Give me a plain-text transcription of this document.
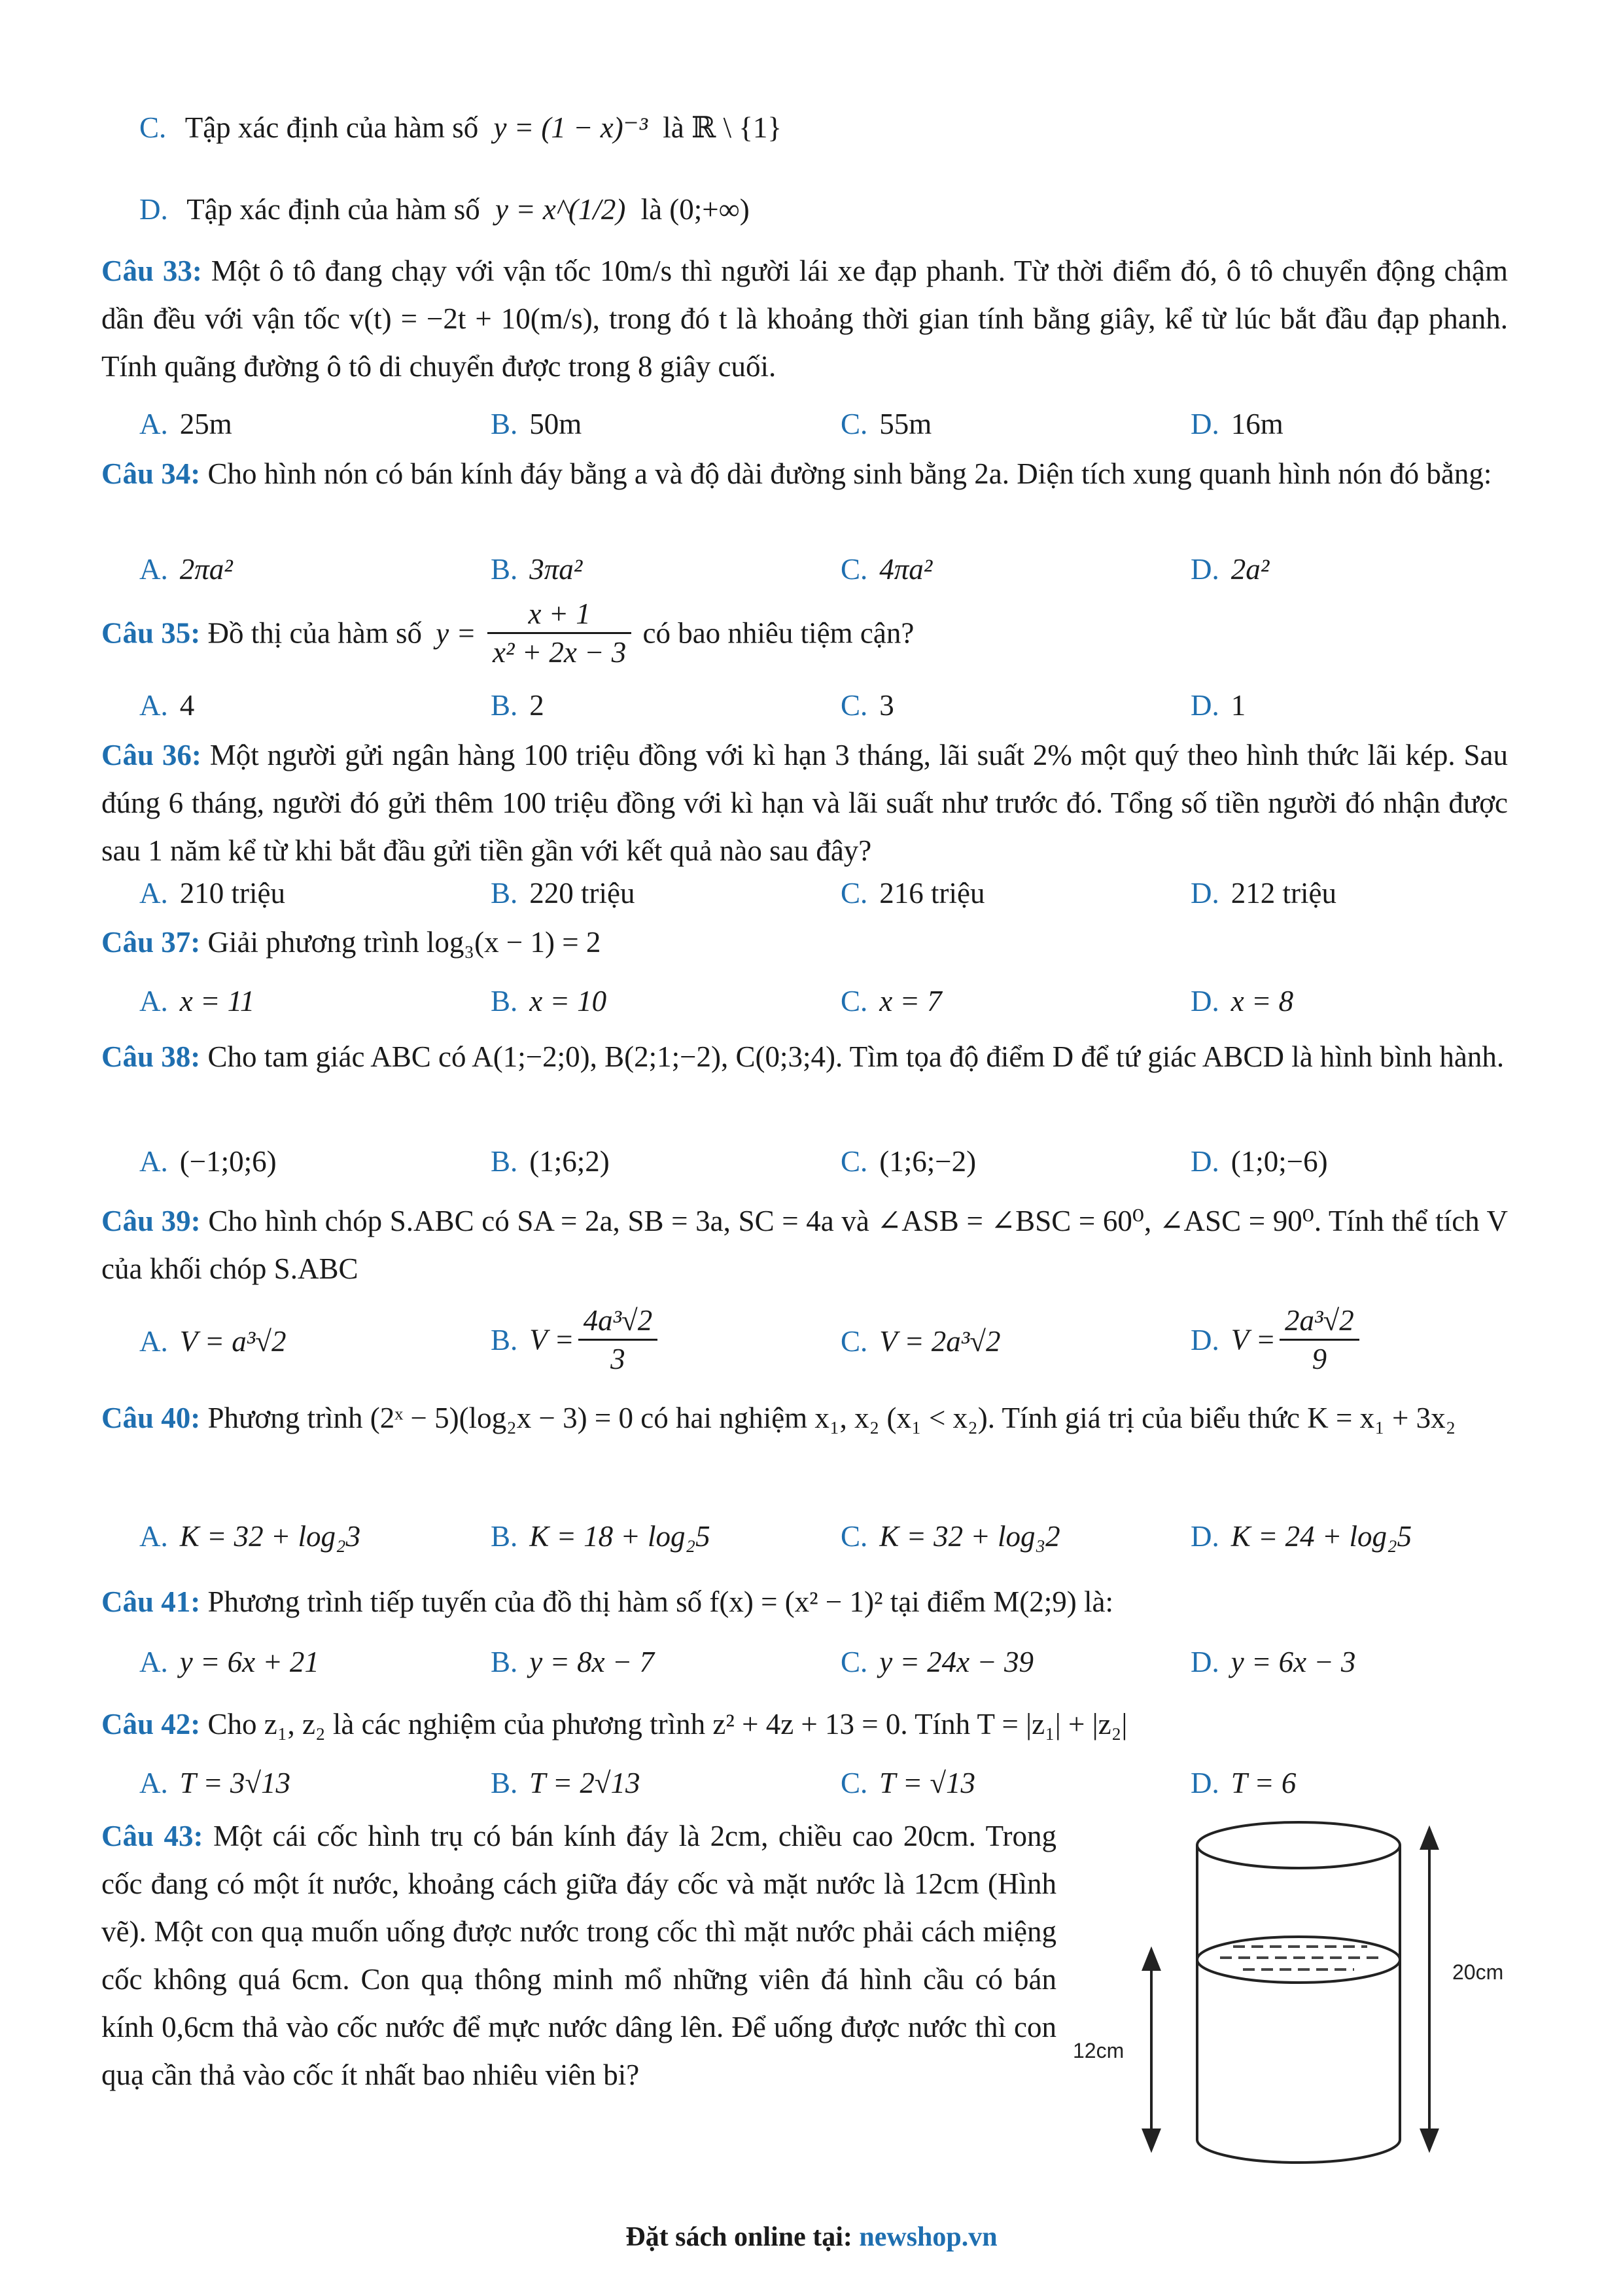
C. Tập xác định của hàm số y = (1 − x)⁻³ là ℝ \ {1}
D. Tập xác định của hàm số y = x^(1/2) là (0;+∞)
Câu 33: Một ô tô đang chạy với vận tốc 10m/s thì người lái xe đạp phanh. Từ thời điểm đó, ô tô chuyển động chậm dần đều với vận tốc v(t) = −2t + 10(m/s), trong đó t là khoảng thời gian tính bằng giây, kể từ lúc bắt đầu đạp phanh. Tính quãng đường ô tô di chuyển được trong 8 giây cuối.
A. 25m	B. 50m	C. 55m	D. 16m
Câu 34: Cho hình nón có bán kính đáy bằng a và độ dài đường sinh bằng 2a. Diện tích xung quanh hình nón đó bằng:
A. 2πa²	B. 3πa²	C. 4πa²	D. 2a²
Câu 35: Đồ thị của hàm số $y = \frac{x + 1}{\text{x² + 2x − 3}}$ có bao nhiêu tiệm cận?
A. 4	B. 2	C. 3	D. 1
Câu 36: Một người gửi ngân hàng 100 triệu đồng với kì hạn 3 tháng, lãi suất 2% một quý theo hình thức lãi kép. Sau đúng 6 tháng, người đó gửi thêm 100 triệu đồng với kì hạn và lãi suất như trước đó. Tổng số tiền người đó nhận được sau 1 năm kể từ khi bắt đầu gửi tiền gần với kết quả nào sau đây?
A. 210 triệu	B. 220 triệu	C. 216 triệu	D. 212 triệu
Câu 37: Giải phương trình log₃(x − 1) = 2
A. x = 11	B. x = 10	C. x = 7	D. x = 8
Câu 38: Cho tam giác ABC có A(1;−2;0), B(2;1;−2), C(0;3;4). Tìm tọa độ điểm D để tứ giác ABCD là hình bình hành.
A. (−1;0;6)	B. (1;6;2)	C. (1;6;−2)	D. (1;0;−6)
Câu 39: Cho hình chóp S.ABC có SA = 2a, SB = 3a, SC = 4a và ∠ASB = ∠BSC = 60⁰, ∠ASC = 90⁰. Tính thể tích V của khối chóp S.ABC
A. V = a³√2	B. $V = \frac{\text{4a³√2}}{3}$	C. V = 2a³√2	D. $V = \frac{\text{2a³√2}}{9}$
Câu 40: Phương trình (2ˣ − 5)(log₂x − 3) = 0 có hai nghiệm x₁, x₂ (x₁ < x₂). Tính giá trị của biểu thức K = x₁ + 3x₂
A. K = 32 + log₂3	B. K = 18 + log₂5	C. K = 32 + log₃2	D. K = 24 + log₂5
Câu 41: Phương trình tiếp tuyến của đồ thị hàm số f(x) = (x² − 1)² tại điểm M(2;9) là:
A. y = 6x + 21	B. y = 8x − 7	C. y = 24x − 39	D. y = 6x − 3
Câu 42: Cho z₁, z₂ là các nghiệm của phương trình z² + 4z + 13 = 0. Tính T = |z₁| + |z₂|
A. T = 3√13	B. T = 2√13	C. T = √13	D. T = 6
Câu 43: Một cái cốc hình trụ có bán kính đáy là 2cm, chiều cao 20cm. Trong cốc đang có một ít nước, khoảng cách giữa đáy cốc và mặt nước là 12cm (Hình vẽ). Một con quạ muốn uống được nước trong cốc thì mặt nước phải cách miệng cốc không quá 6cm. Con quạ thông minh mổ những viên đá hình cầu có bán kính 0,6cm thả vào cốc nước để mực nước dâng lên. Để uống được nước thì con quạ cần thả vào cốc ít nhất bao nhiêu viên bi?
20cm
12cm
Đặt sách online tại: newshop.vn
